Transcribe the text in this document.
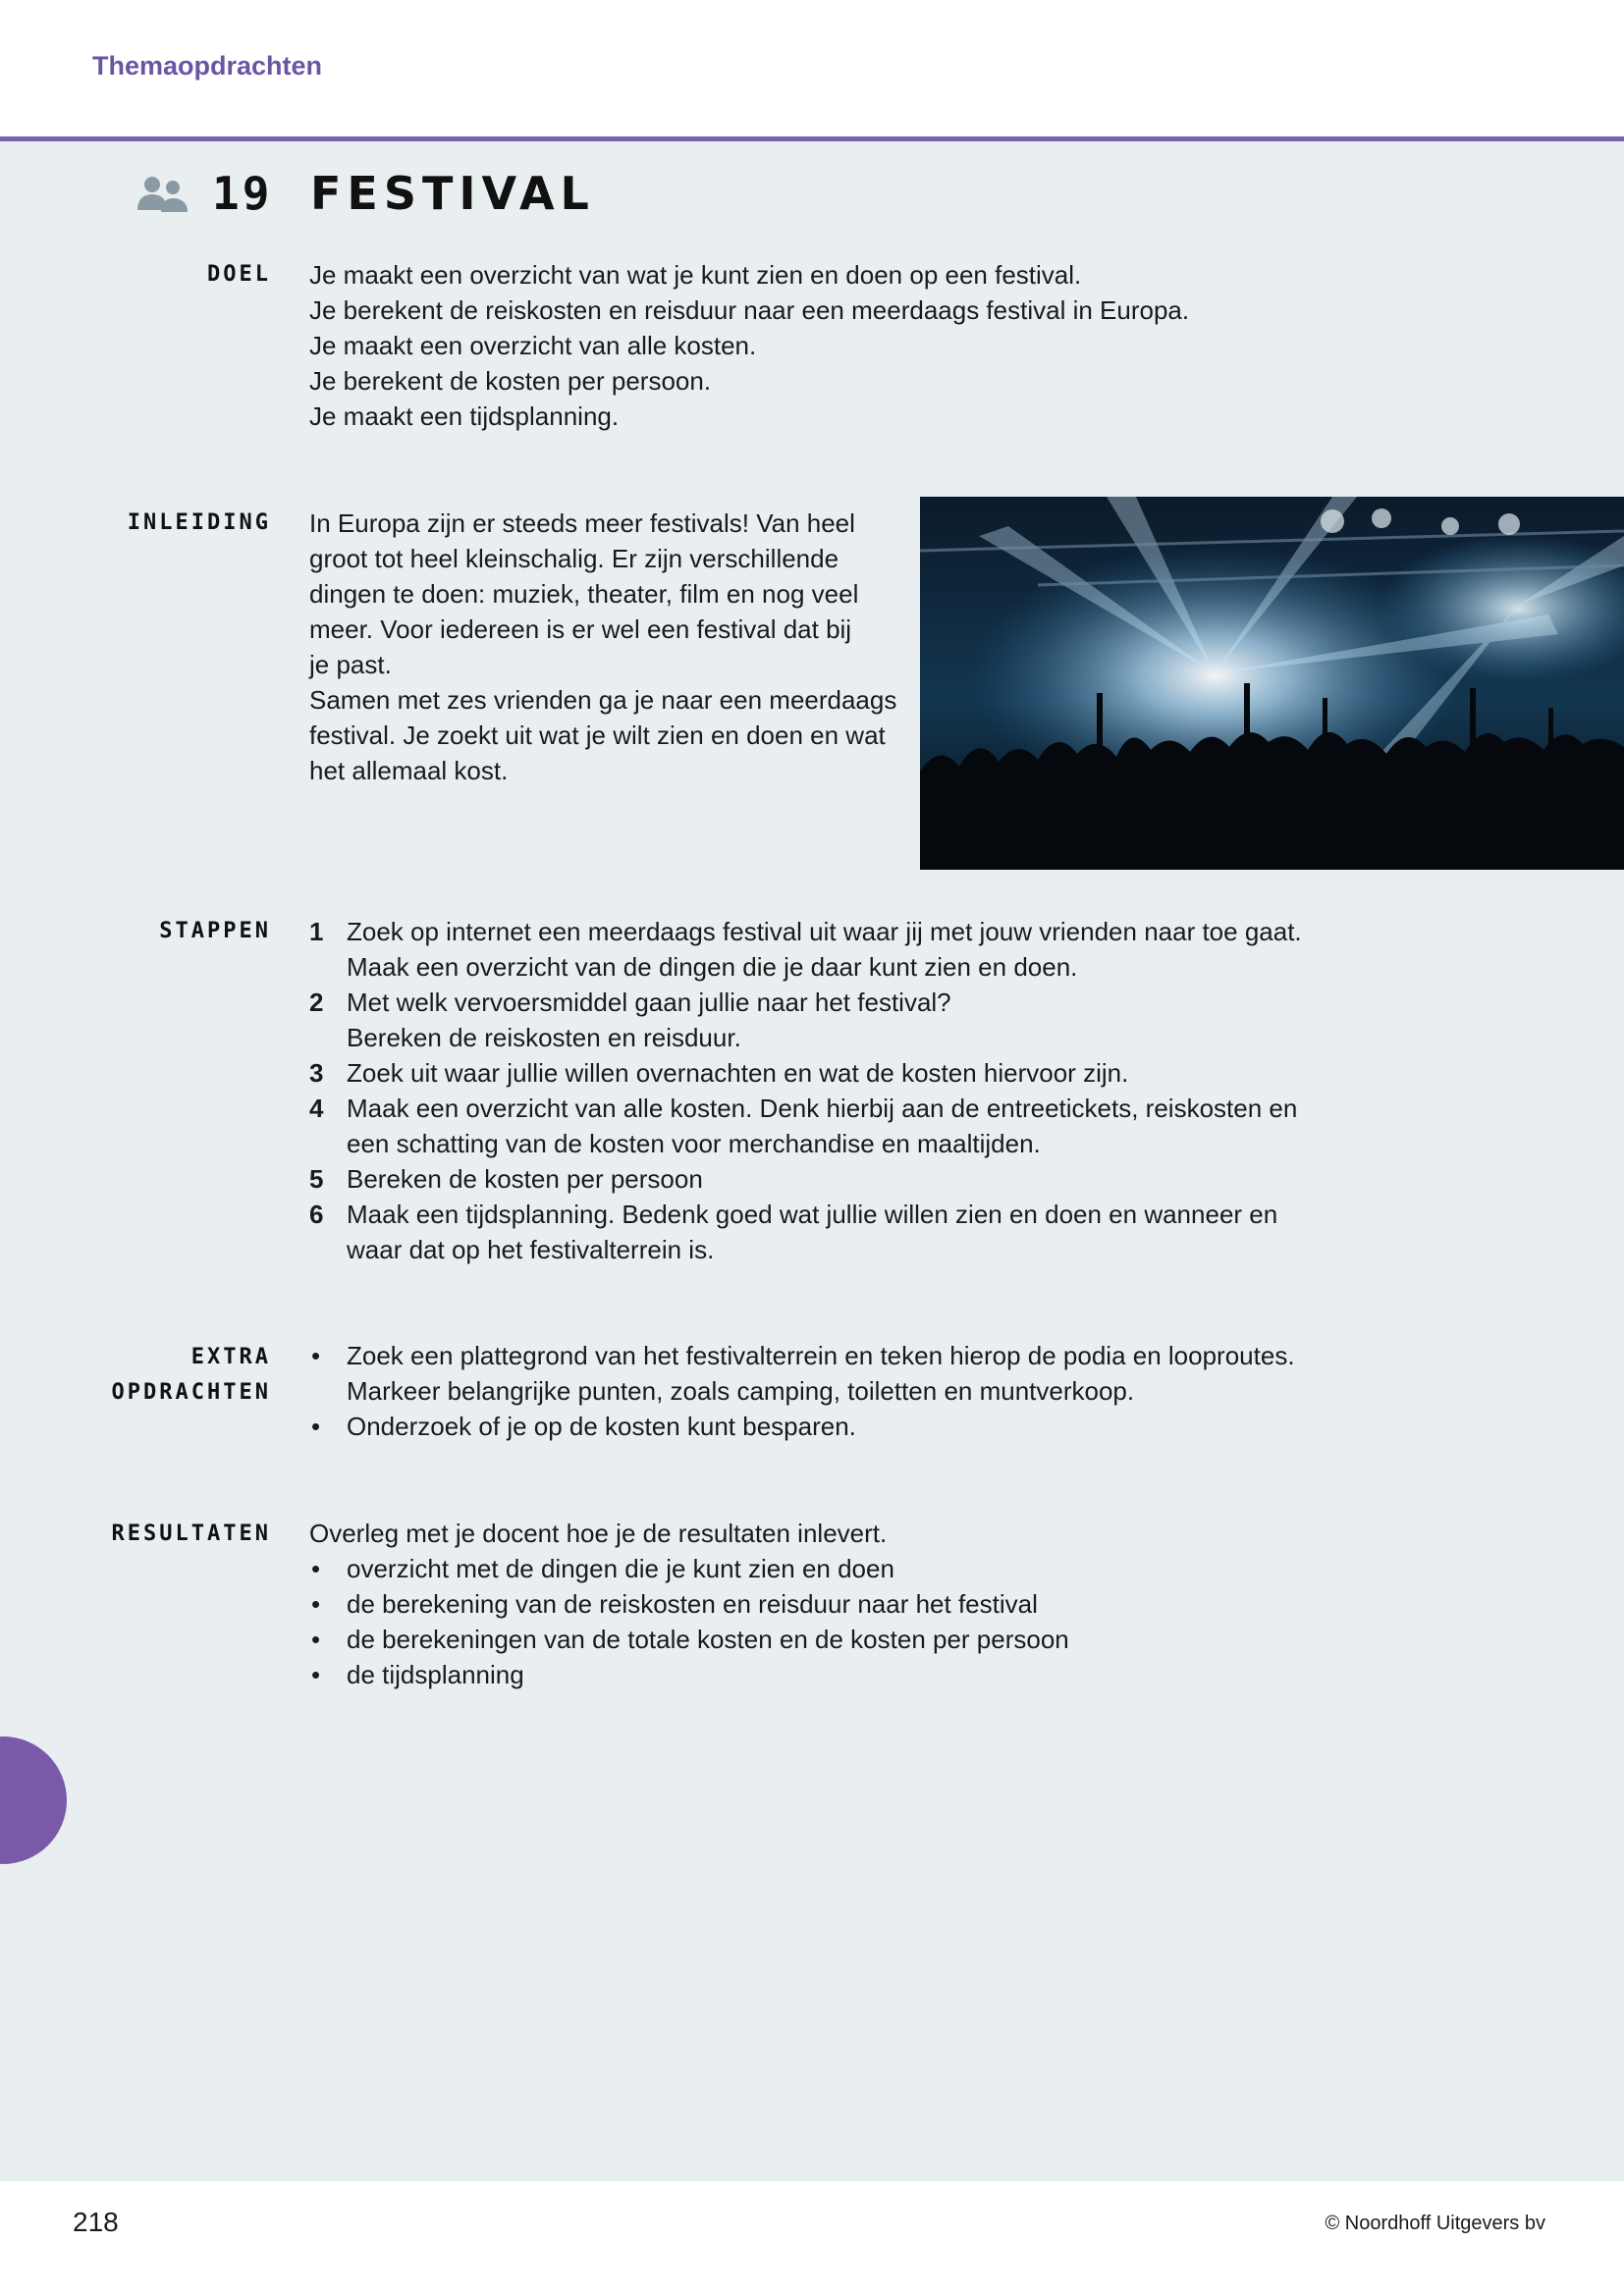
Themaopdrachten
19 FESTIVAL
DOEL Je maakt een overzicht van wat je kunt zien en doen op een festival.

Je berekent de reiskosten en reisduur naar een meerdaags festival in Europa.

Je maakt een overzicht van alle kosten.

Je berekent de kosten per persoon.

Je maakt een tijdsplanning.

INLEIDING In Europa zijn er steeds meer festivals! Van heel

groot tot heel kleinschalig. Er zijn verschillende

dingen te doen: muziek, theater, film en nog veel

meer. Voor iedereen is er wel een festival dat bij

je past.

Samen met zes vrienden ga je naar een meerdaags

festival. Je zoekt uit wat je wilt zien en doen en wat

het allemaal kost.

STAPPEN 1 Zoek op internet een meerdaags festival uit waar jij met jouw vrienden naar toe gaat.
Maak een overzicht van de dingen die je daar kunt zien en doen.
2 Met welk vervoersmiddel gaan jullie naar het festival?
Bereken de reiskosten en reisduur.
3 Zoek uit waar jullie willen overnachten en wat de kosten hiervoor zijn.
4 Maak een overzicht van alle kosten. Denk hierbij aan de entreetickets, reiskosten en
een schatting van de kosten voor merchandise en maaltijden.
5 Bereken de kosten per persoon
6 Maak een tijdsplanning. Bedenk goed wat jullie willen zien en doen en wanneer en
waar dat op het festivalterrein is.
EXTRA
OPDRACHTEN
• Zoek een plattegrond van het festivalterrein en teken hierop de podia en looproutes.
Markeer belangrijke punten, zoals camping, toiletten en muntverkoop.
• Onderzoek of je op de kosten kunt besparen.
RESULTATEN Overleg met je docent hoe je de resultaten inlevert.

• overzicht met de dingen die je kunt zien en doen
• de berekening van de reiskosten en reisduur naar het festival
• de berekeningen van de totale kosten en de kosten per persoon
• de tijdsplanning
218	© Noordhoff Uitgevers bv
